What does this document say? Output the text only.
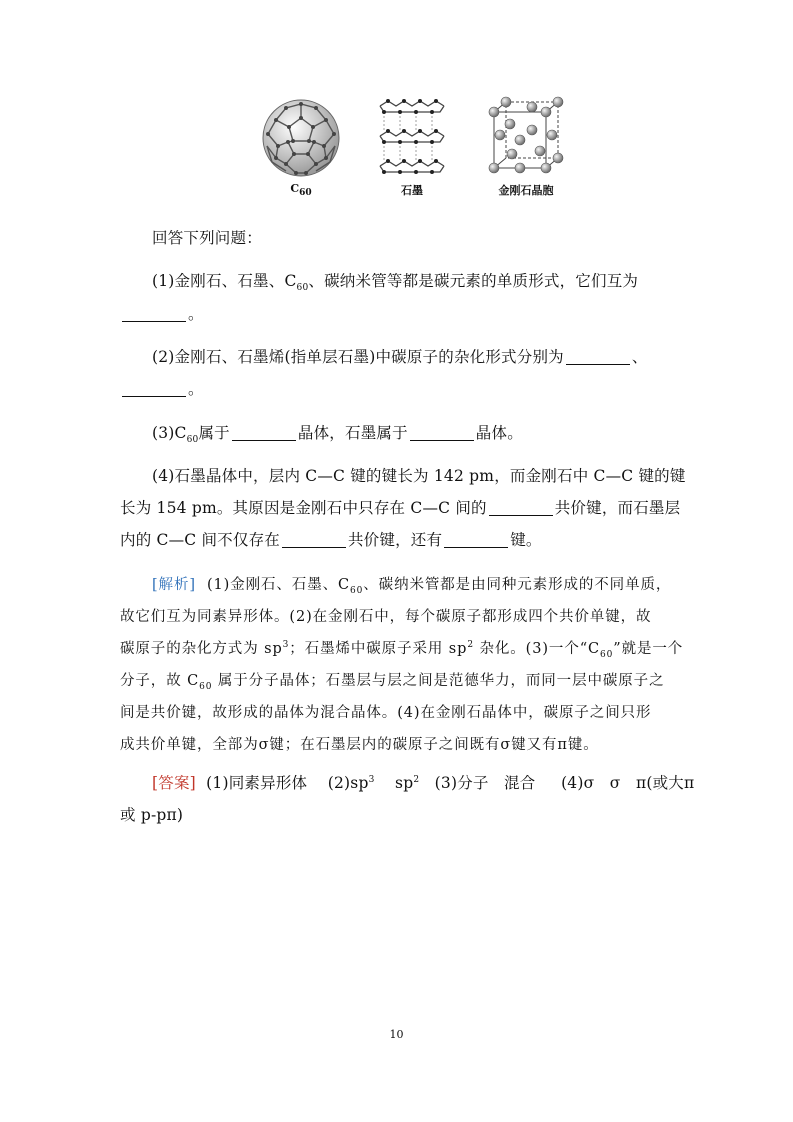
$C_{60}$	石墨	金刚石晶胞
回答下列问题：
(1)金刚石、石墨、$C_{60}$、碳纳米管等都是碳元素的单质形式，它们互为
。
(2)金刚石、石墨烯(指单层石墨)中碳原子的杂化形式分别为	、
。
$(3)C_{60}$属于	晶体，石墨属于	晶体。
(4)石墨晶体中，层内 C—C 键的键长为 142 pm，而金刚石中 C—C 键的键
长为 154 pm。其原因是金刚石中只存在 C—C 间的	共价键，而石墨层
内的 C—C 间不仅存在	共价键，还有	键。
[解析] (1)金刚石、石墨、$C_{60}$、碳纳米管都是由同种元素形成的不同单质，
故它们互为同素异形体。(2)在金刚石中，每个碳原子都形成四个共价单键，故
碳原子的杂化方式为 $sp^3$；石墨烯中碳原子采用 $sp^2$ 杂化。(3)一个“$C_{60}$”就是一个
分子，故 $C_{60}$ 属于分子晶体；石墨层与层之间是范德华力，而同一层中碳原子之
间是共价键，故形成的晶体为混合晶体。(4)在金刚石晶体中，碳原子之间只形
成共价单键，全部为σ键；在石墨层内的碳原子之间既有σ键又有π键。
[答案] (1)同素异形体 $(2)sp^3$ $sp^2$ (3)分子 混合 (4)σ σ π(或大π
或 p-pπ)
10
